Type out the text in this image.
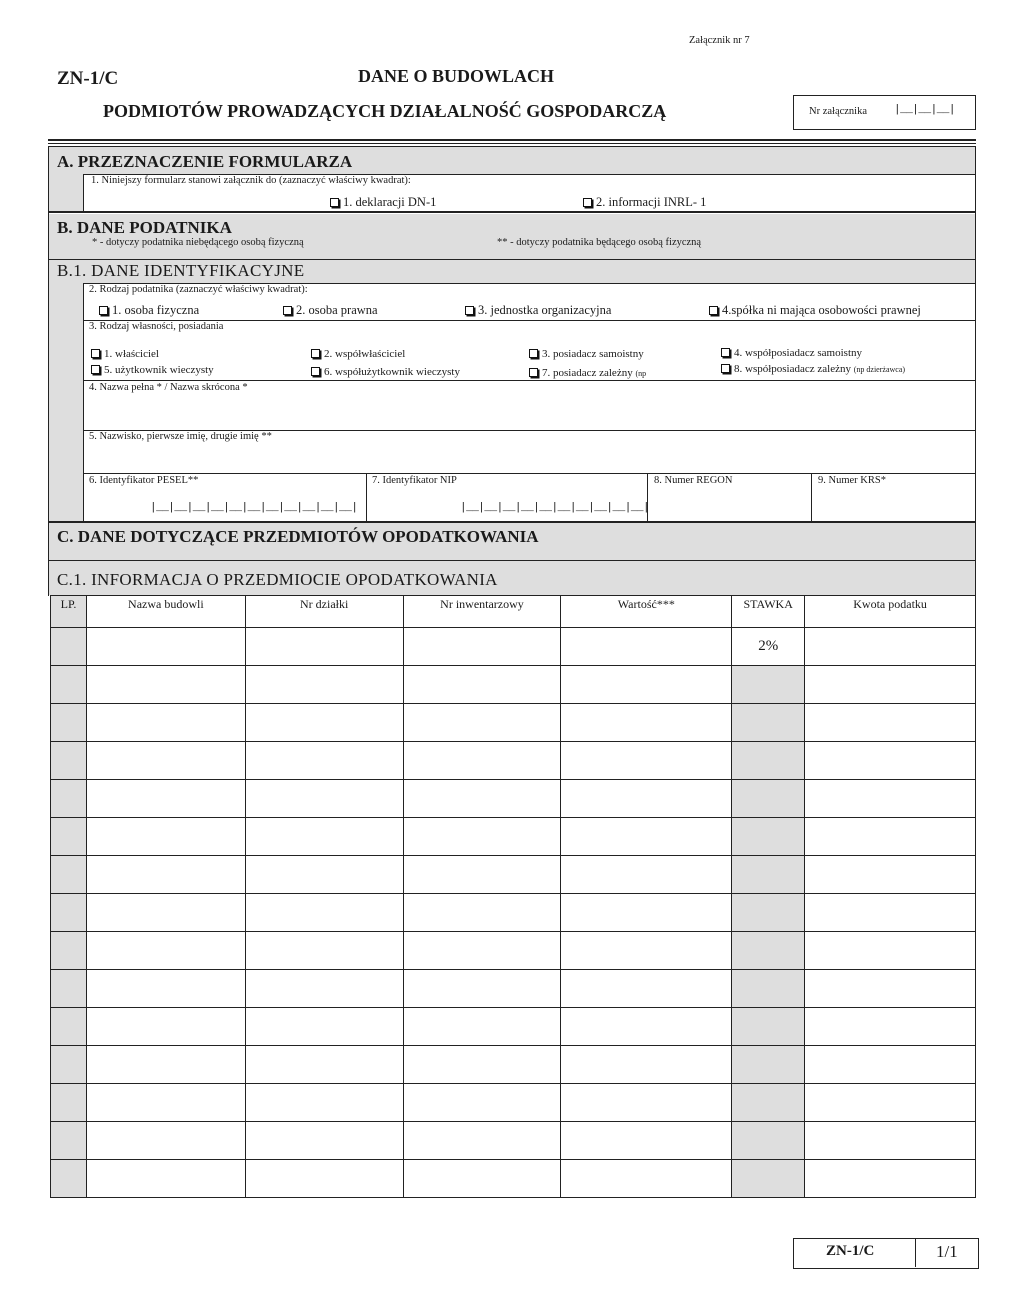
Załącznik nr 7
ZN-1/C	DANE O BUDOWLACH
PODMIOTÓW PROWADZĄCYCH DZIAŁALNOŚĆ GOSPODARCZĄ	Nr załącznika |__|__|__|
A. PRZEZNACZENIE FORMULARZA
1. Niniejszy formularz stanowi załącznik do (zaznaczyć właściwy kwadrat):
1. deklaracji DN-1	2. informacji INRL- 1
B. DANE PODATNIKA
* - dotyczy podatnika niebędącego osobą fizyczną	** - dotyczy podatnika będącego osobą fizyczną
B.1. DANE IDENTYFIKACYJNE
2. Rodzaj podatnika (zaznaczyć właściwy kwadrat):
1. osoba fizyczna	2. osoba prawna	3. jednostka organizacyjna	4.spółka ni mająca osobowości prawnej
3. Rodzaj własności, posiadania
1. właściciel	2. współwłaściciel	3. posiadacz samoistny	4. współposiadacz samoistny
5. użytkownik wieczysty	6. współużytkownik wieczysty	7. posiadacz zależny (np	8. współposiadacz zależny (np dzierżawca)
4. Nazwa pełna * / Nazwa skrócona *
5. Nazwisko, pierwsze imię, drugie imię **
6. Identyfikator PESEL**	7. Identyfikator NIP	8. Numer REGON	9. Numer KRS*
|__|__|__|__|__|__|__|__|__|__|__|	|__|__|__|__|__|__|__|__|__|__|
C. DANE DOTYCZĄCE PRZEDMIOTÓW OPODATKOWANIA
C.1. INFORMACJA O PRZEDMIOCIE OPODATKOWANIA
LP.	Nazwa budowli	Nr działki	Nr inwentarzowy	Wartość***	STAWKA	Kwota podatku
					2%	

ZN-1/C	1/1
